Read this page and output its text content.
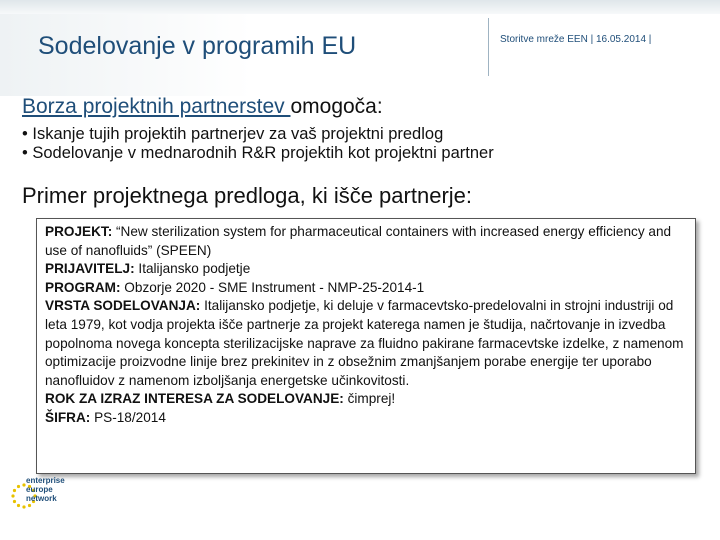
Sodelovanje v programih EU	Storitve mreže EEN | 16.05.2014 |
Borza projektnih partnerstev omogoča:
• Iskanje tujih projektih partnerjev za vaš projektni predlog
• Sodelovanje v mednarodnih R&R projektih kot projektni partner
Primer projektnega predloga, ki išče partnerje:

PROJEKT: “New sterilization system for pharmaceutical containers with increased energy efficiency and use of nanofluids” (SPEEN)

PRIJAVITELJ: Italijansko podjetje

PROGRAM: Obzorje 2020 - SME Instrument - NMP-25-2014-1

VRSTA SODELOVANJA: Italijansko podjetje, ki deluje v farmacevtsko-predelovalni in strojni industriji od leta 1979, kot vodja projekta išče partnerje za projekt katerega namen je študija, načrtovanje in izvedba popolnoma novega koncepta sterilizacijske naprave za fluidno pakirane farmacevtske izdelke, z namenom optimizacije proizvodne linije brez prekinitev in z obsežnim zmanjšanjem porabe energije ter uporabo nanofluidov z namenom izboljšanja energetske učinkovitosti.

ROK ZA IZRAZ INTERESA ZA SODELOVANJE: čimprej!

ŠIFRA: PS-18/2014

enterprise
europe
network
